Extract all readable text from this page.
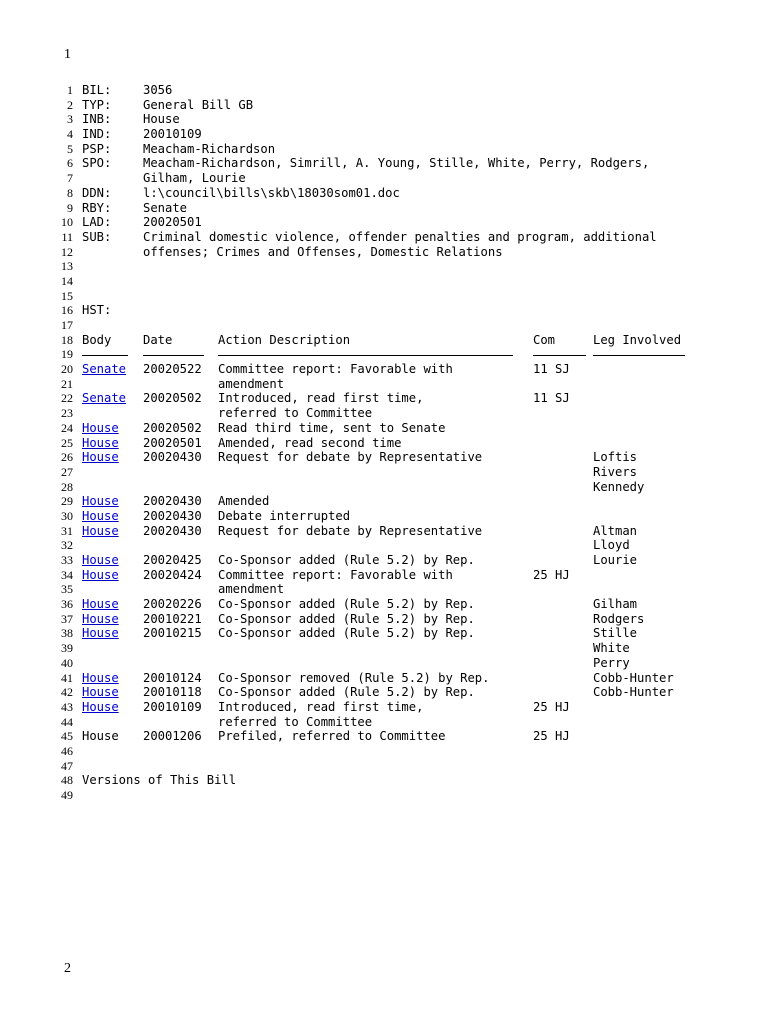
1
1 BIL:	3056
2 TYP:	General Bill GB
3 INB:	House
4 IND:	20010109
5 PSP:	Meacham-Richardson
6 SPO:	Meacham-Richardson, Simrill, A. Young, Stille, White, Perry, Rodgers,
7	Gilham, Lourie
8 DDN:	l:\council\bills\skb\18030som01.doc
9 RBY:	Senate
10 LAD:	20020501
11 SUB:	Criminal domestic violence, offender penalties and program, additional
12	offenses; Crimes and Offenses, Domestic Relations
13
14
15
16 HST:
17
18 Body	Date	Action Description	Com	Leg Involved
19
20 Senate 20020522 Committee report: Favorable with	11 SJ
21	amendment
22 Senate 20020502 Introduced, read first time,	11 SJ
23	referred to Committee
24 House 20020502 Read third time, sent to Senate
25 House 20020501 Amended, read second time
26 House 20020430 Request for debate by Representative	Loftis
27	Rivers
28	Kennedy
29 House 20020430 Amended
30 House 20020430 Debate interrupted
31 House 20020430 Request for debate by Representative	Altman
32	Lloyd
33 House 20020425 Co-Sponsor added (Rule 5.2) by Rep.	Lourie
34 House 20020424 Committee report: Favorable with	25 HJ
35	amendment
36 House 20020226 Co-Sponsor added (Rule 5.2) by Rep.	Gilham
37 House 20010221 Co-Sponsor added (Rule 5.2) by Rep.	Rodgers
38 House 20010215 Co-Sponsor added (Rule 5.2) by Rep.	Stille
39	White
40	Perry
41 House 20010124 Co-Sponsor removed (Rule 5.2) by Rep.	Cobb-Hunter
42 House 20010118 Co-Sponsor added (Rule 5.2) by Rep.	Cobb-Hunter
43 House 20010109 Introduced, read first time,	25 HJ
44	referred to Committee
45 House 20001206 Prefiled, referred to Committee	25 HJ
46
47
48 Versions of This Bill
49
2
